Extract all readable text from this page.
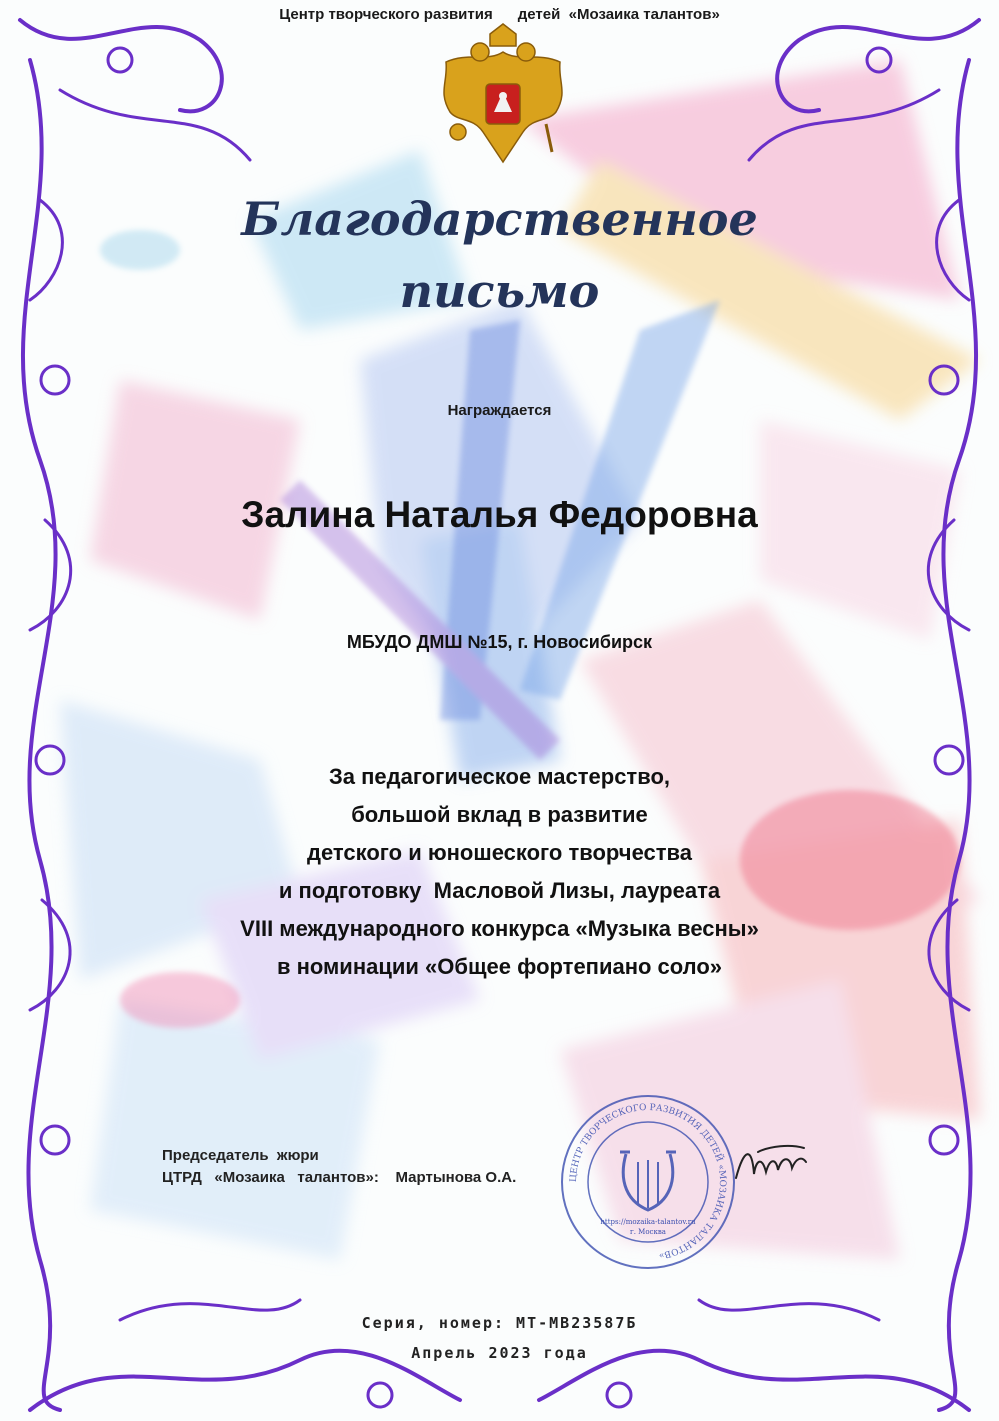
Центр творческого развития детей  «Мозаика талантов»
Благодарственное
письмо
Награждается
Залина Наталья Федоровна
МБУДО ДМШ №15, г. Новосибирск
За педагогическое мастерство,
большой вклад в развитие
детского и юношеского творчества
и подготовку  Масловой Лизы, лауреата
VIII международного конкурса «Музыка весны»
в номинации «Общее фортепиано соло»
Председатель  жюри
ЦТРД   «Мозаика   талантов»:    Мартынова О.А.	ЦЕНТР ТВОРЧЕСКОГО РАЗВИТИЯ ДЕТЕЙ «МОЗАИКА ТАЛАНТОВ»
https://mozaika-talantov.ru
г. Москва
Серия, номер: МТ-МВ23587Б
Апрель 2023 года
